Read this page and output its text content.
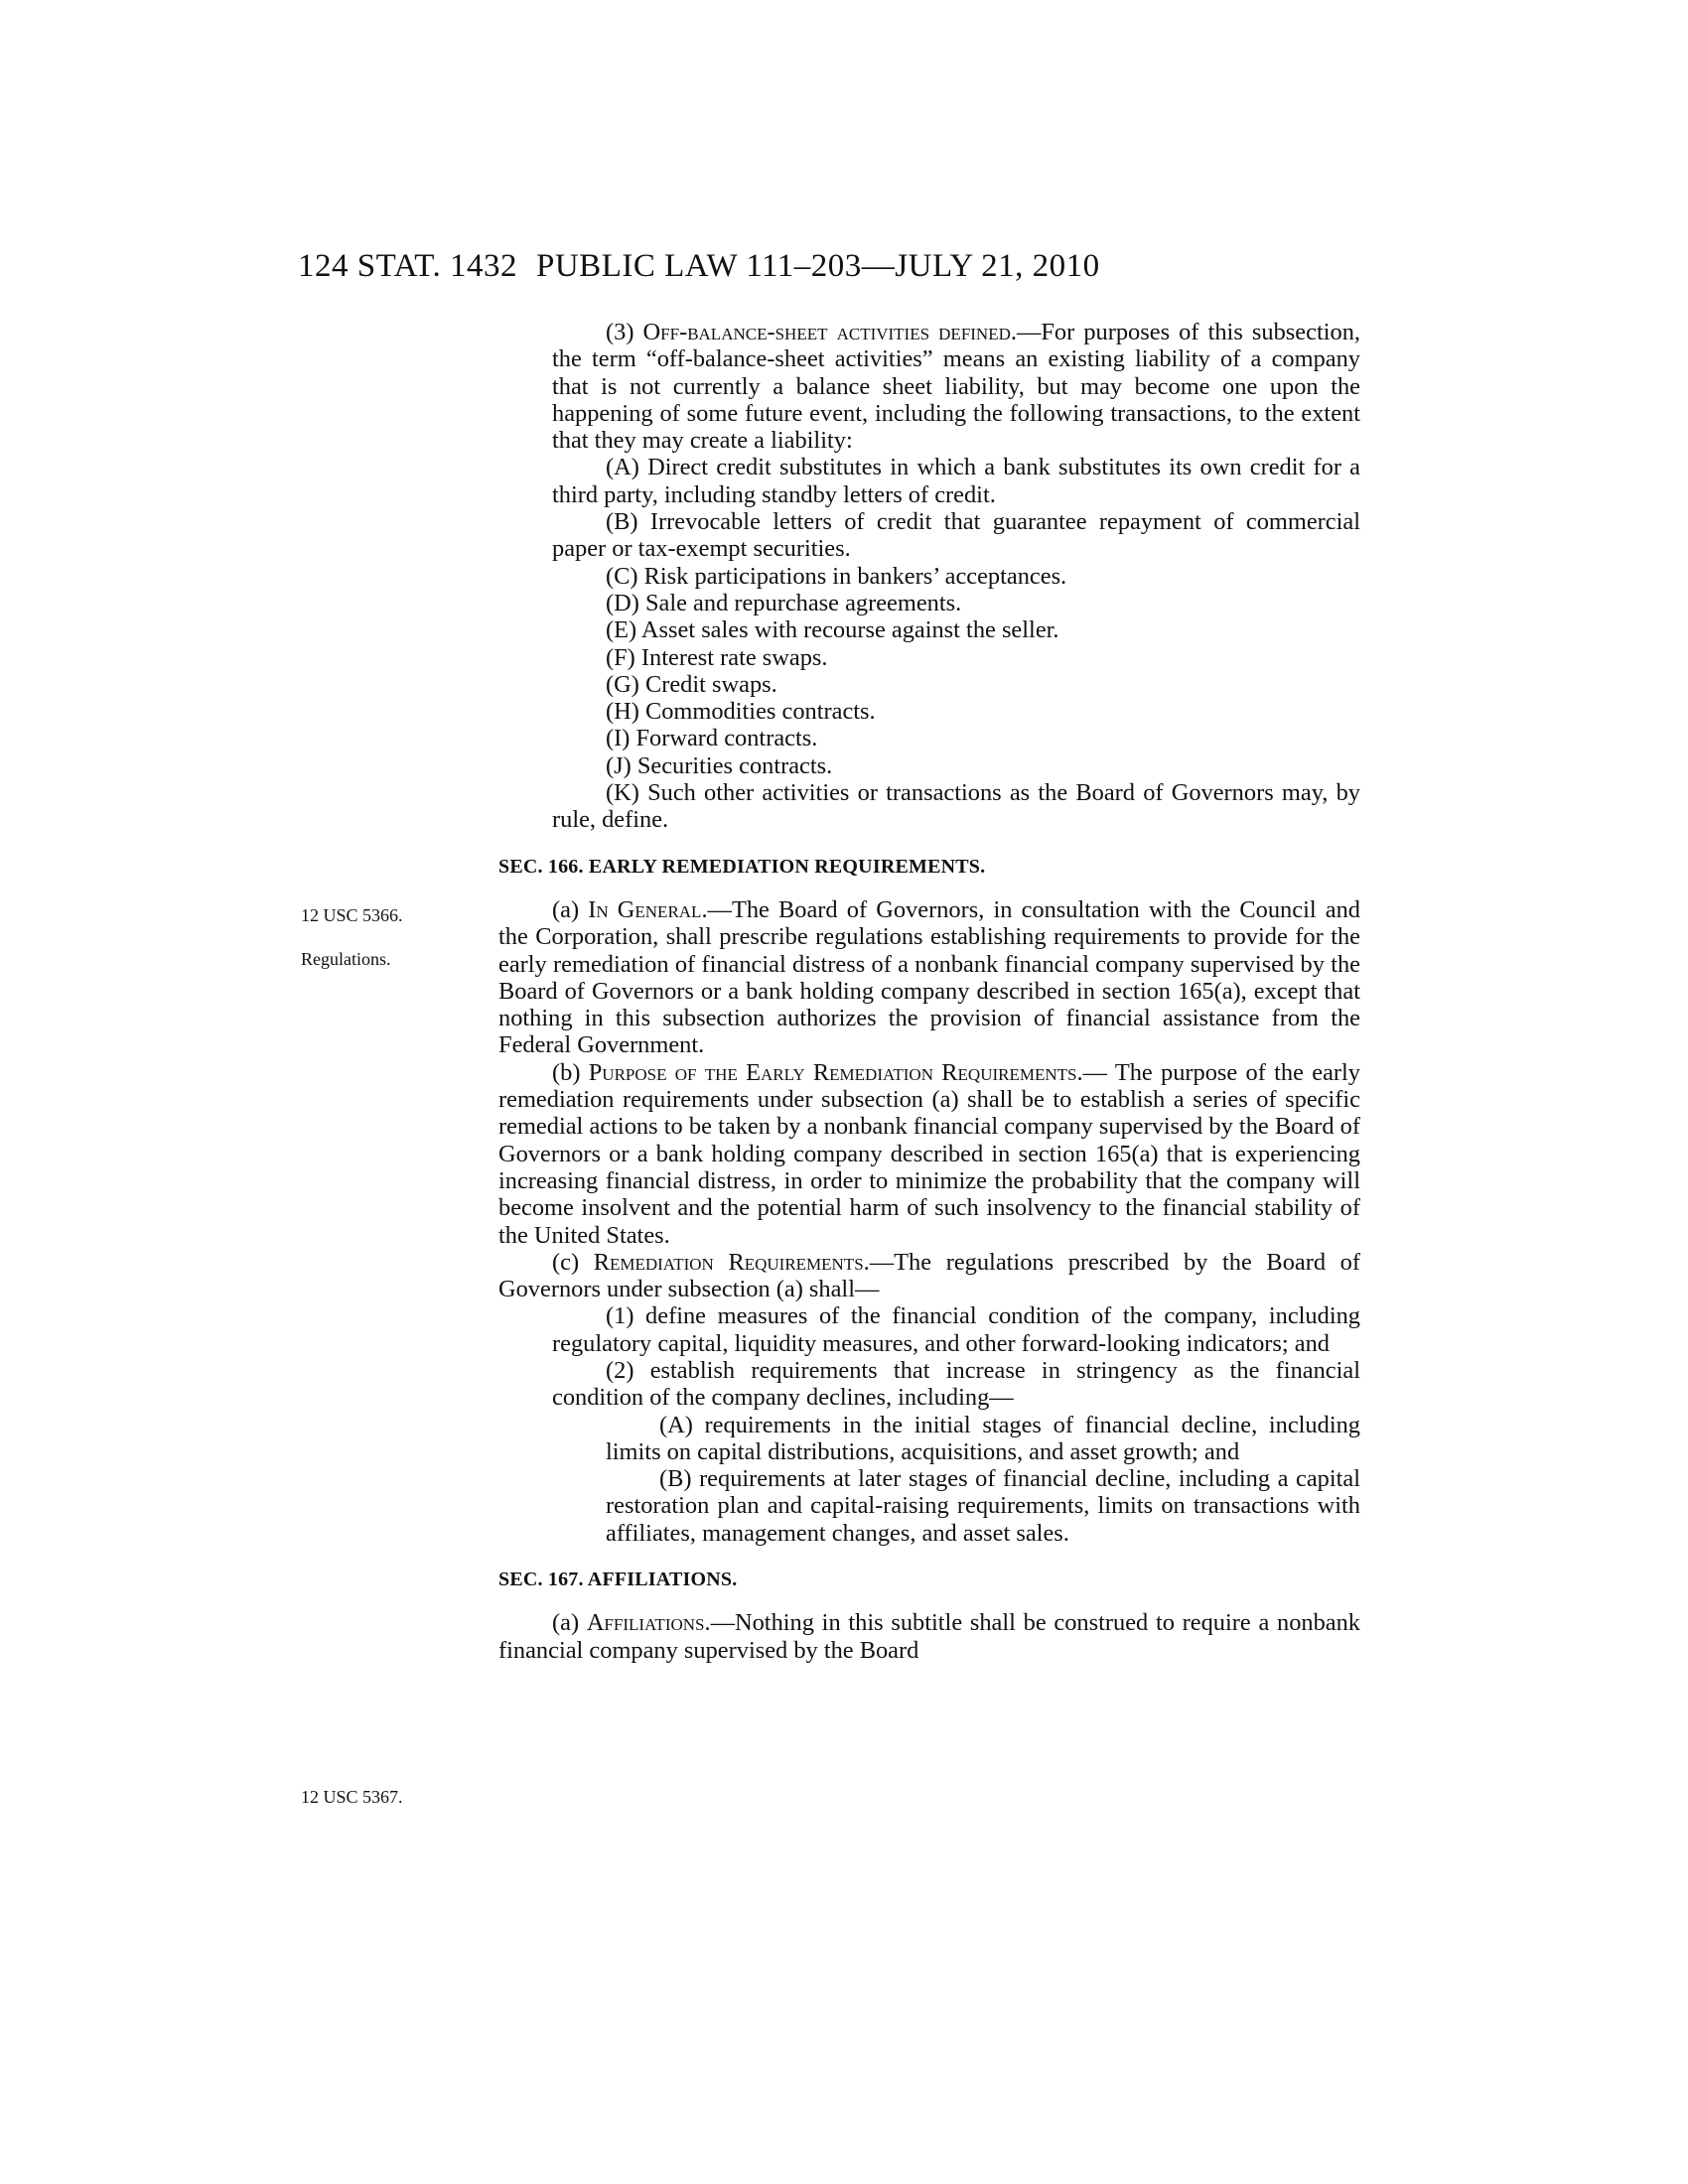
124 STAT. 1432 PUBLIC LAW 111–203—JULY 21, 2010
12 USC 5366.
Regulations.
12 USC 5367.

(3) Off-balance-sheet activities defined.—For purposes of this subsection, the term “off-balance-sheet activities” means an existing liability of a company that is not currently a balance sheet liability, but may become one upon the happening of some future event, including the following transactions, to the extent that they may create a liability:

(A) Direct credit substitutes in which a bank substitutes its own credit for a third party, including standby letters of credit.

(B) Irrevocable letters of credit that guarantee repayment of commercial paper or tax-exempt securities.

(C) Risk participations in bankers’ acceptances.

(D) Sale and repurchase agreements.

(E) Asset sales with recourse against the seller.

(F) Interest rate swaps.

(G) Credit swaps.

(H) Commodities contracts.

(I) Forward contracts.

(J) Securities contracts.

(K) Such other activities or transactions as the Board of Governors may, by rule, define.

SEC. 166. EARLY REMEDIATION REQUIREMENTS.

(a) In General.—The Board of Governors, in consultation with the Council and the Corporation, shall prescribe regulations establishing requirements to provide for the early remediation of financial distress of a nonbank financial company supervised by the Board of Governors or a bank holding company described in section 165(a), except that nothing in this subsection authorizes the provision of financial assistance from the Federal Government.

(b) Purpose of the Early Remediation Requirements.— The purpose of the early remediation requirements under subsection (a) shall be to establish a series of specific remedial actions to be taken by a nonbank financial company supervised by the Board of Governors or a bank holding company described in section 165(a) that is experiencing increasing financial distress, in order to minimize the probability that the company will become insolvent and the potential harm of such insolvency to the financial stability of the United States.

(c) Remediation Requirements.—The regulations prescribed by the Board of Governors under subsection (a) shall—

(1) define measures of the financial condition of the company, including regulatory capital, liquidity measures, and other forward-looking indicators; and

(2) establish requirements that increase in stringency as the financial condition of the company declines, including—

(A) requirements in the initial stages of financial decline, including limits on capital distributions, acquisitions, and asset growth; and

(B) requirements at later stages of financial decline, including a capital restoration plan and capital-raising requirements, limits on transactions with affiliates, management changes, and asset sales.

SEC. 167. AFFILIATIONS.

(a) Affiliations.—Nothing in this subtitle shall be construed to require a nonbank financial company supervised by the Board
